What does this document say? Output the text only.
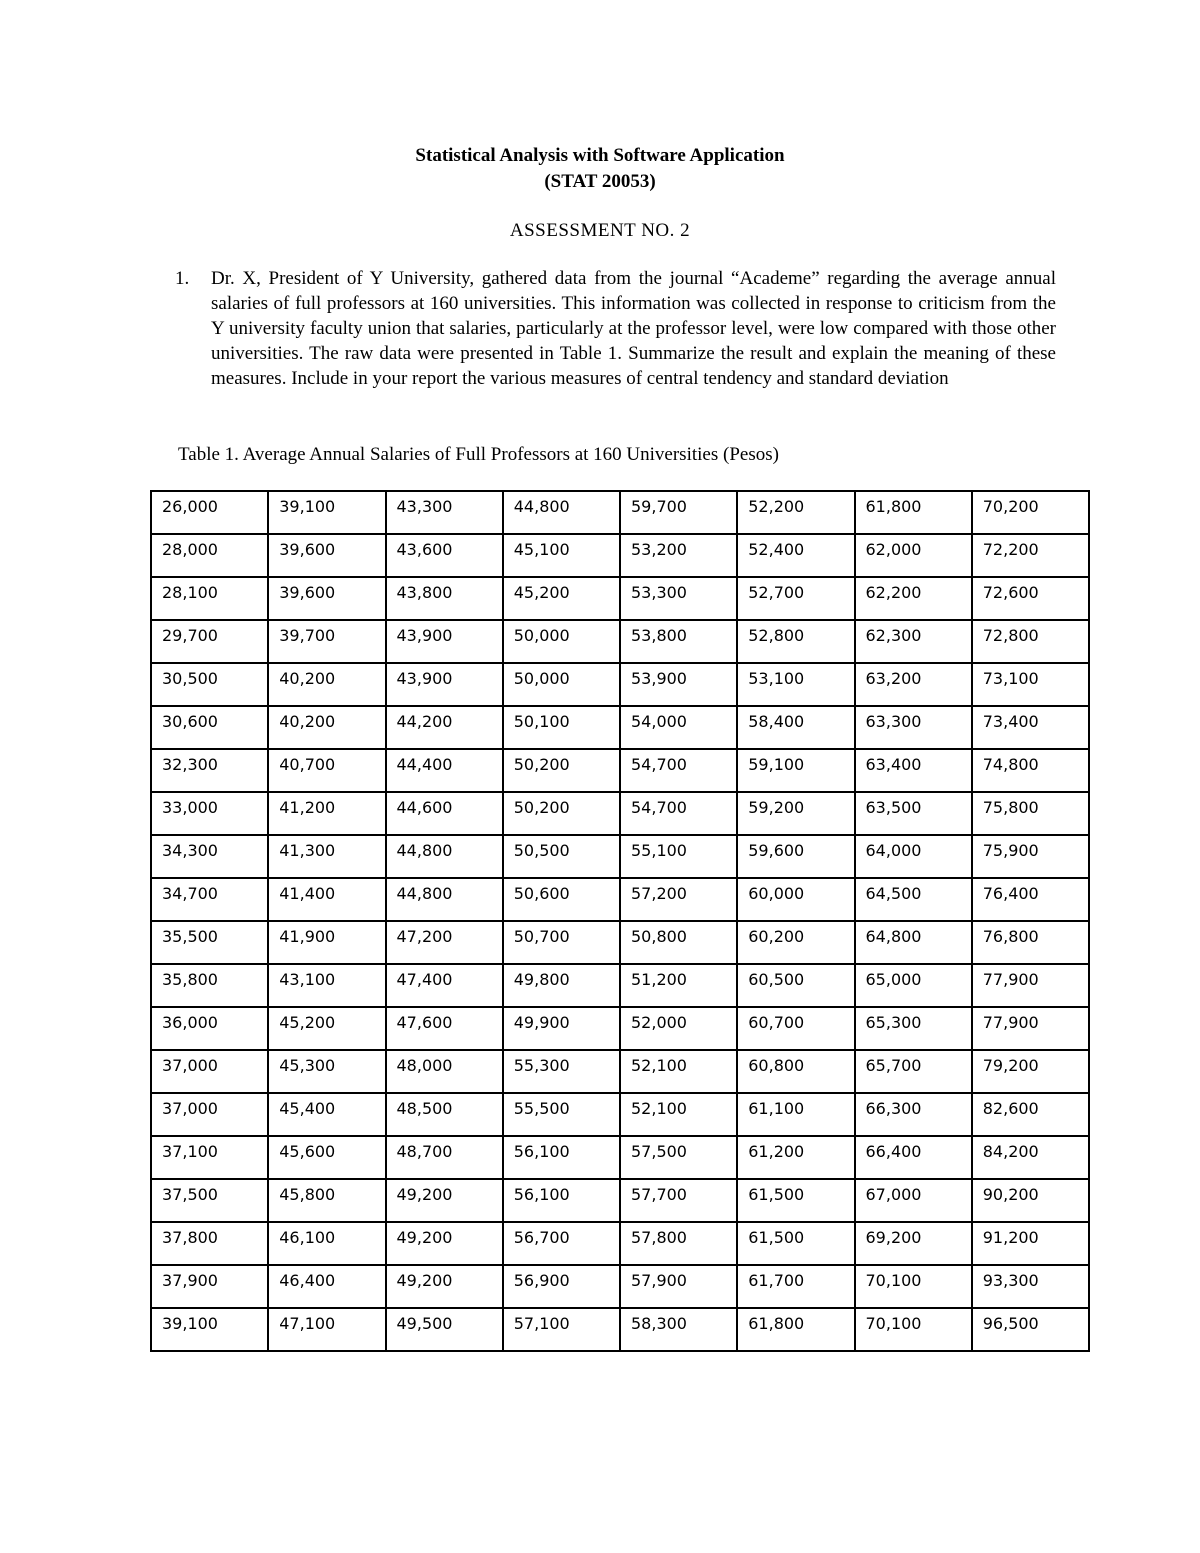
Statistical Analysis with Software Application
(STAT 20053)
ASSESSMENT NO. 2
1. Dr. X, President of Y University, gathered data from the journal “Academe” regarding the average annual salaries of full professors at 160 universities. This information was collected in response to criticism from the Y university faculty union that salaries, particularly at the professor level, were low compared with those other universities. The raw data were presented in Table 1. Summarize the result and explain the meaning of these measures. Include in your report the various measures of central tendency and standard deviation
Table 1. Average Annual Salaries of Full Professors at 160 Universities (Pesos)
26,000	39,100	43,300	44,800	59,700	52,200	61,800	70,200
28,000	39,600	43,600	45,100	53,200	52,400	62,000	72,200
28,100	39,600	43,800	45,200	53,300	52,700	62,200	72,600
29,700	39,700	43,900	50,000	53,800	52,800	62,300	72,800
30,500	40,200	43,900	50,000	53,900	53,100	63,200	73,100
30,600	40,200	44,200	50,100	54,000	58,400	63,300	73,400
32,300	40,700	44,400	50,200	54,700	59,100	63,400	74,800
33,000	41,200	44,600	50,200	54,700	59,200	63,500	75,800
34,300	41,300	44,800	50,500	55,100	59,600	64,000	75,900
34,700	41,400	44,800	50,600	57,200	60,000	64,500	76,400
35,500	41,900	47,200	50,700	50,800	60,200	64,800	76,800
35,800	43,100	47,400	49,800	51,200	60,500	65,000	77,900
36,000	45,200	47,600	49,900	52,000	60,700	65,300	77,900
37,000	45,300	48,000	55,300	52,100	60,800	65,700	79,200
37,000	45,400	48,500	55,500	52,100	61,100	66,300	82,600
37,100	45,600	48,700	56,100	57,500	61,200	66,400	84,200
37,500	45,800	49,200	56,100	57,700	61,500	67,000	90,200
37,800	46,100	49,200	56,700	57,800	61,500	69,200	91,200
37,900	46,400	49,200	56,900	57,900	61,700	70,100	93,300
39,100	47,100	49,500	57,100	58,300	61,800	70,100	96,500
